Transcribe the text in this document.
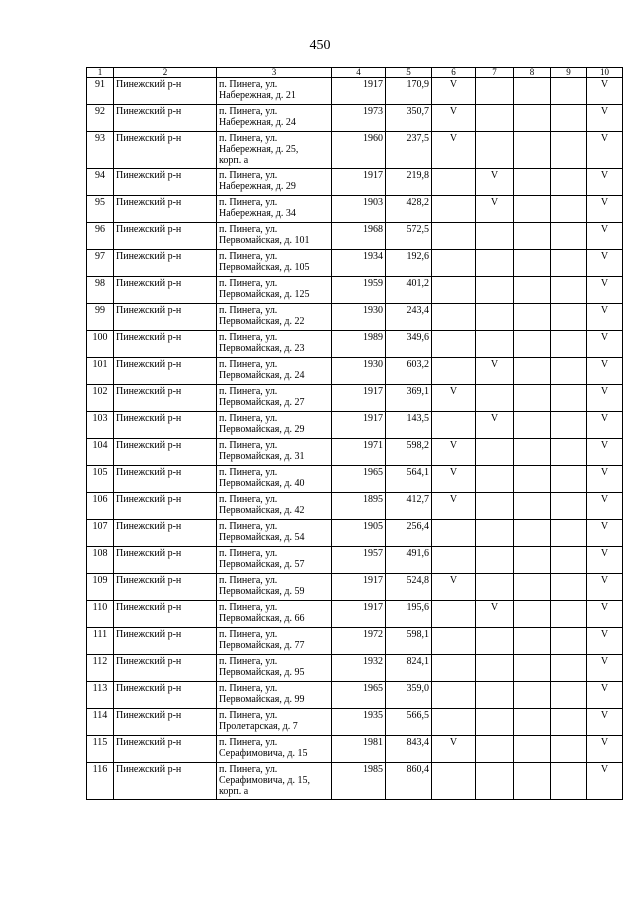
450
1	2	3	4	5	6	7	8	9	10
91	Пинежский р-н	п. Пинега, ул.
Набережная, д. 21	1917	170,9	V				V
92	Пинежский р-н	п. Пинега, ул.
Набережная, д. 24	1973	350,7	V				V
93	Пинежский р-н	п. Пинега, ул.
Набережная, д. 25,
корп. а	1960	237,5	V				V
94	Пинежский р-н	п. Пинега, ул.
Набережная, д. 29	1917	219,8		V			V
95	Пинежский р-н	п. Пинега, ул.
Набережная, д. 34	1903	428,2		V			V
96	Пинежский р-н	п. Пинега, ул.
Первомайская, д. 101	1968	572,5					V
97	Пинежский р-н	п. Пинега, ул.
Первомайская, д. 105	1934	192,6					V
98	Пинежский р-н	п. Пинега, ул.
Первомайская, д. 125	1959	401,2					V
99	Пинежский р-н	п. Пинега, ул.
Первомайская, д. 22	1930	243,4					V
100	Пинежский р-н	п. Пинега, ул.
Первомайская, д. 23	1989	349,6					V
101	Пинежский р-н	п. Пинега, ул.
Первомайская, д. 24	1930	603,2		V			V
102	Пинежский р-н	п. Пинега, ул.
Первомайская, д. 27	1917	369,1	V				V
103	Пинежский р-н	п. Пинега, ул.
Первомайская, д. 29	1917	143,5		V			V
104	Пинежский р-н	п. Пинега, ул.
Первомайская, д. 31	1971	598,2	V				V
105	Пинежский р-н	п. Пинега, ул.
Первомайская, д. 40	1965	564,1	V				V
106	Пинежский р-н	п. Пинега, ул.
Первомайская, д. 42	1895	412,7	V				V
107	Пинежский р-н	п. Пинега, ул.
Первомайская, д. 54	1905	256,4					V
108	Пинежский р-н	п. Пинега, ул.
Первомайская, д. 57	1957	491,6					V
109	Пинежский р-н	п. Пинега, ул.
Первомайская, д. 59	1917	524,8	V				V
110	Пинежский р-н	п. Пинега, ул.
Первомайская, д. 66	1917	195,6		V			V
111	Пинежский р-н	п. Пинега, ул.
Первомайская, д. 77	1972	598,1					V
112	Пинежский р-н	п. Пинега, ул.
Первомайская, д. 95	1932	824,1					V
113	Пинежский р-н	п. Пинега, ул.
Первомайская, д. 99	1965	359,0					V
114	Пинежский р-н	п. Пинега, ул.
Пролетарская, д. 7	1935	566,5					V
115	Пинежский р-н	п. Пинега, ул.
Серафимовича, д. 15	1981	843,4	V				V
116	Пинежский р-н	п. Пинега, ул.
Серафимовича, д. 15,
корп. а	1985	860,4					V
